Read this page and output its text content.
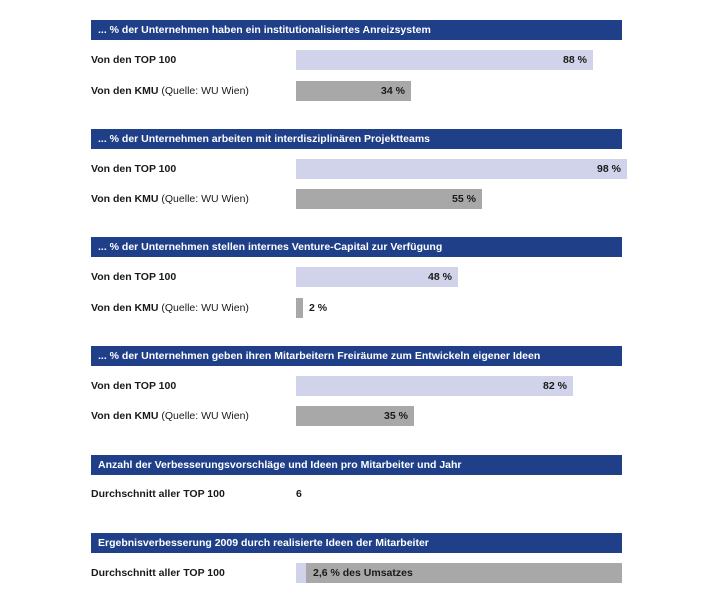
... % der Unternehmen haben ein institutionalisiertes Anreizsystem
Von den TOP 100	88 %
Von den KMU (Quelle: WU Wien)	34 %
... % der Unternehmen arbeiten mit interdisziplinären Projektteams
Von den TOP 100	98 %
Von den KMU (Quelle: WU Wien)	55 %
... % der Unternehmen stellen internes Venture-Capital zur Verfügung
Von den TOP 100	48 %
Von den KMU (Quelle: WU Wien)	2 %
... % der Unternehmen geben ihren Mitarbeitern Freiräume zum Entwickeln eigener Ideen
Von den TOP 100	82 %
Von den KMU (Quelle: WU Wien)	35 %
Anzahl der Verbesserungsvorschläge und Ideen pro Mitarbeiter und Jahr
Durchschnitt aller TOP 100	6
Ergebnisverbesserung 2009 durch realisierte Ideen der Mitarbeiter
Durchschnitt aller TOP 100	2,6 % des Umsatzes
